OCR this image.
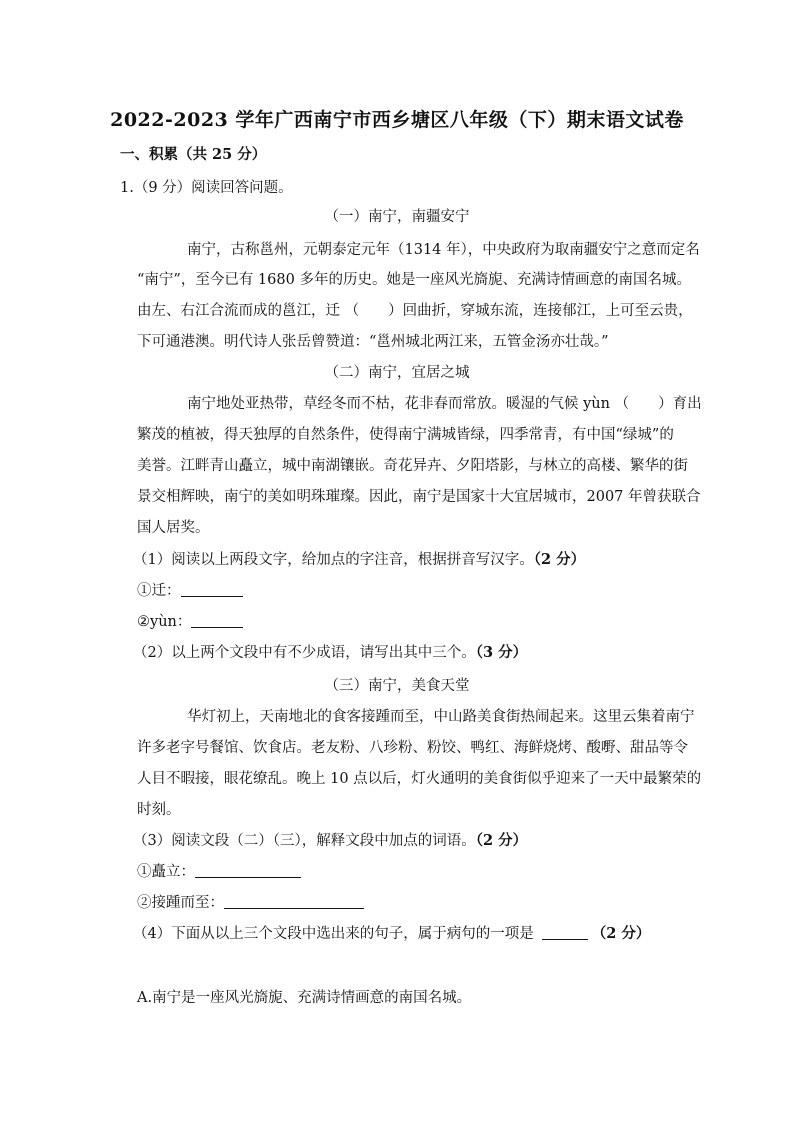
2022-2023 学年广西南宁市西乡塘区八年级（下）期末语文试卷
一、积累（共 25 分）
1.（9 分）阅读回答问题。
（一）南宁，南疆安宁
南宁，古称邕州，元朝泰定元年（1314 年），中央政府为取南疆安宁之意而定名
“南宁”，至今已有 1680 多年的历史。她是一座风光旖旎、充满诗情画意的南国名城。
由左、右江合流而成的邕江，迁 （　　）回曲折，穿城东流，连接郁江，上可至云贵，
下可通港澳。明代诗人张岳曾赞道：“邕州城北两江来，五管金汤亦壮哉。”
（二）南宁，宜居之城
南宁地处亚热带，草经冬而不枯，花非春而常放。暖湿的气候 yùn （　　）育出
繁茂的植被，得天独厚的自然条件，使得南宁满城皆绿，四季常青，有中国“绿城”的
美誉。江畔青山矗立，城中南湖镶嵌。奇花异卉、夕阳塔影，与林立的高楼、繁华的街
景交相辉映，南宁的美如明珠璀璨。因此，南宁是国家十大宜居城市，2007 年曾获联合
国人居奖。
（1）阅读以上两段文字，给加点的字注音，根据拼音写汉字。（2 分）
①迁：
②yùn：
（2）以上两个文段中有不少成语，请写出其中三个。（3 分）
（三）南宁，美食天堂
华灯初上，天南地北的食客接踵而至，中山路美食街热闹起来。这里云集着南宁
许多老字号餐馆、饮食店。老友粉、八珍粉、粉饺、鸭红、海鲜烧烤、酸嘢、甜品等令
人目不暇接，眼花缭乱。晚上 10 点以后，灯火通明的美食街似乎迎来了一天中最繁荣的
时刻。
（3）阅读文段（二）（三），解释文段中加点的词语。（2 分）
①矗立：
②接踵而至：
（4）下面从以上三个文段中选出来的句子，属于病句的一项是	（2 分）
A.南宁是一座风光旖旎、充满诗情画意的南国名城。
